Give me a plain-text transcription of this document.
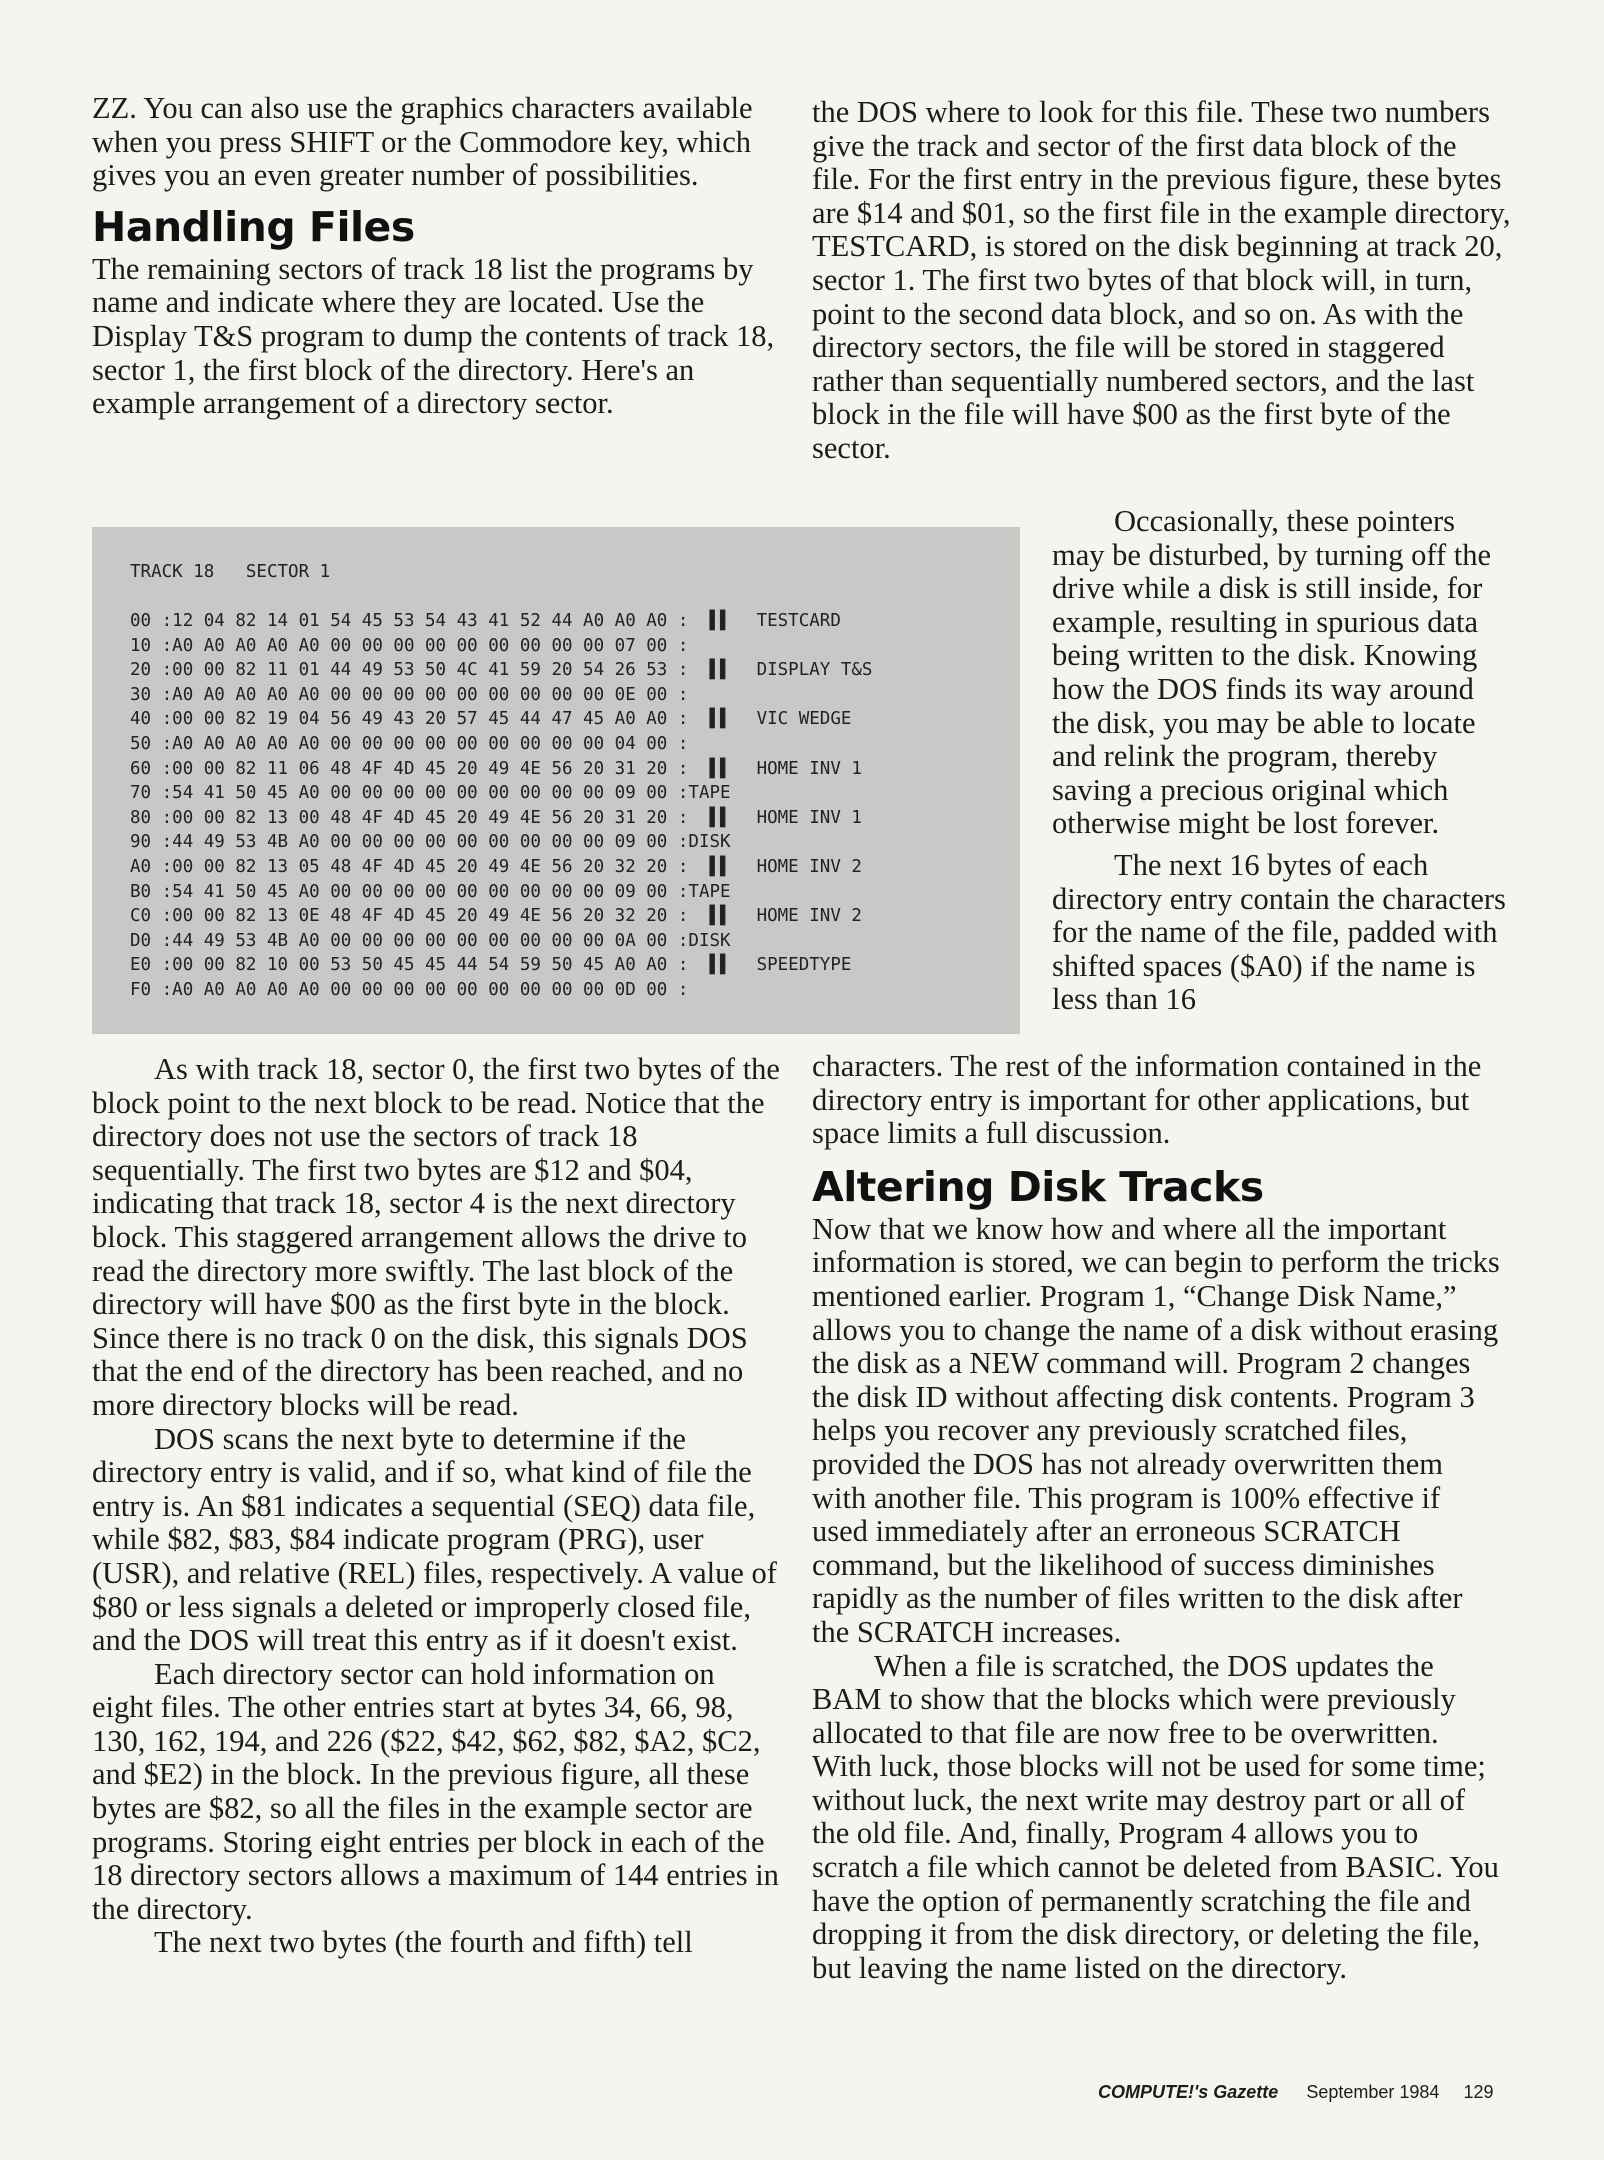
ZZ. You can also use the graphics characters available when you press SHIFT or the Commodore key, which gives you an even greater number of possibilities.

Handling Files

The remaining sectors of track 18 list the programs by name and indicate where they are located. Use the Display T&S program to dump the contents of track 18, sector 1, the first block of the directory. Here's an example arrangement of a directory sector.

the DOS where to look for this file. These two numbers give the track and sector of the first data block of the file. For the first entry in the previous figure, these bytes are $14 and $01, so the first file in the example directory, TESTCARD, is stored on the disk beginning at track 20, sector 1. The first two bytes of that block will, in turn, point to the second data block, and so on. As with the directory sectors, the file will be stored in staggered rather than sequentially numbered sectors, and the last block in the file will have $00 as the first byte of the sector.

TRACK 18   SECTOR 1
00 :12 04 82 14 01 54 45 53 54 43 41 52 44 A0 A0 A0 :  ▌▌ TESTCARD
10 :A0 A0 A0 A0 A0 00 00 00 00 00 00 00 00 00 07 00 :
20 :00 00 82 11 01 44 49 53 50 4C 41 59 20 54 26 53 :  ▌▌ DISPLAY T&S
30 :A0 A0 A0 A0 A0 00 00 00 00 00 00 00 00 00 0E 00 :
40 :00 00 82 19 04 56 49 43 20 57 45 44 47 45 A0 A0 :  ▌▌ VIC WEDGE
50 :A0 A0 A0 A0 A0 00 00 00 00 00 00 00 00 00 04 00 :
60 :00 00 82 11 06 48 4F 4D 45 20 49 4E 56 20 31 20 :  ▌▌ HOME INV 1
70 :54 41 50 45 A0 00 00 00 00 00 00 00 00 00 09 00 :TAPE
80 :00 00 82 13 00 48 4F 4D 45 20 49 4E 56 20 31 20 :  ▌▌ HOME INV 1
90 :44 49 53 4B A0 00 00 00 00 00 00 00 00 00 09 00 :DISK
A0 :00 00 82 13 05 48 4F 4D 45 20 49 4E 56 20 32 20 :  ▌▌ HOME INV 2
B0 :54 41 50 45 A0 00 00 00 00 00 00 00 00 00 09 00 :TAPE
C0 :00 00 82 13 0E 48 4F 4D 45 20 49 4E 56 20 32 20 :  ▌▌ HOME INV 2
D0 :44 49 53 4B A0 00 00 00 00 00 00 00 00 00 0A 00 :DISK
E0 :00 00 82 10 00 53 50 45 45 44 54 59 50 45 A0 A0 :  ▌▌ SPEEDTYPE
F0 :A0 A0 A0 A0 A0 00 00 00 00 00 00 00 00 00 0D 00 :

Occasionally, these pointers may be disturbed, by turning off the drive while a disk is still inside, for example, resulting in spurious data being written to the disk. Knowing how the DOS finds its way around the disk, you may be able to locate and relink the program, thereby saving a precious original which otherwise might be lost forever.

The next 16 bytes of each directory entry contain the characters for the name of the file, padded with shifted spaces ($A0) if the name is less than 16

As with track 18, sector 0, the first two bytes of the block point to the next block to be read. Notice that the directory does not use the sectors of track 18 sequentially. The first two bytes are $12 and $04, indicating that track 18, sector 4 is the next directory block. This staggered arrangement allows the drive to read the directory more swiftly. The last block of the directory will have $00 as the first byte in the block. Since there is no track 0 on the disk, this signals DOS that the end of the directory has been reached, and no more directory blocks will be read.

DOS scans the next byte to determine if the directory entry is valid, and if so, what kind of file the entry is. An $81 indicates a sequential (SEQ) data file, while $82, $83, $84 indicate program (PRG), user (USR), and relative (REL) files, respectively. A value of $80 or less signals a deleted or improperly closed file, and the DOS will treat this entry as if it doesn't exist.

Each directory sector can hold information on eight files. The other entries start at bytes 34, 66, 98, 130, 162, 194, and 226 ($22, $42, $62, $82, $A2, $C2, and $E2) in the block. In the previous figure, all these bytes are $82, so all the files in the example sector are programs. Storing eight entries per block in each of the 18 directory sectors allows a maximum of 144 entries in the directory.

The next two bytes (the fourth and fifth) tell

characters. The rest of the information contained in the directory entry is important for other applications, but space limits a full discussion.

Altering Disk Tracks

Now that we know how and where all the important information is stored, we can begin to perform the tricks mentioned earlier. Program 1, “Change Disk Name,” allows you to change the name of a disk without erasing the disk as a NEW command will. Program 2 changes the disk ID without affecting disk contents. Program 3 helps you recover any previously scratched files, provided the DOS has not already overwritten them with another file. This program is 100% effective if used immediately after an erroneous SCRATCH command, but the likelihood of success diminishes rapidly as the number of files written to the disk after the SCRATCH increases.

When a file is scratched, the DOS updates the BAM to show that the blocks which were previously allocated to that file are now free to be overwritten. With luck, those blocks will not be used for some time; without luck, the next write may destroy part or all of the old file. And, finally, Program 4 allows you to scratch a file which cannot be deleted from BASIC. You have the option of permanently scratching the file and dropping it from the disk directory, or deleting the file, but leaving the name listed on the directory.

COMPUTE!'s Gazette September 1984 129
